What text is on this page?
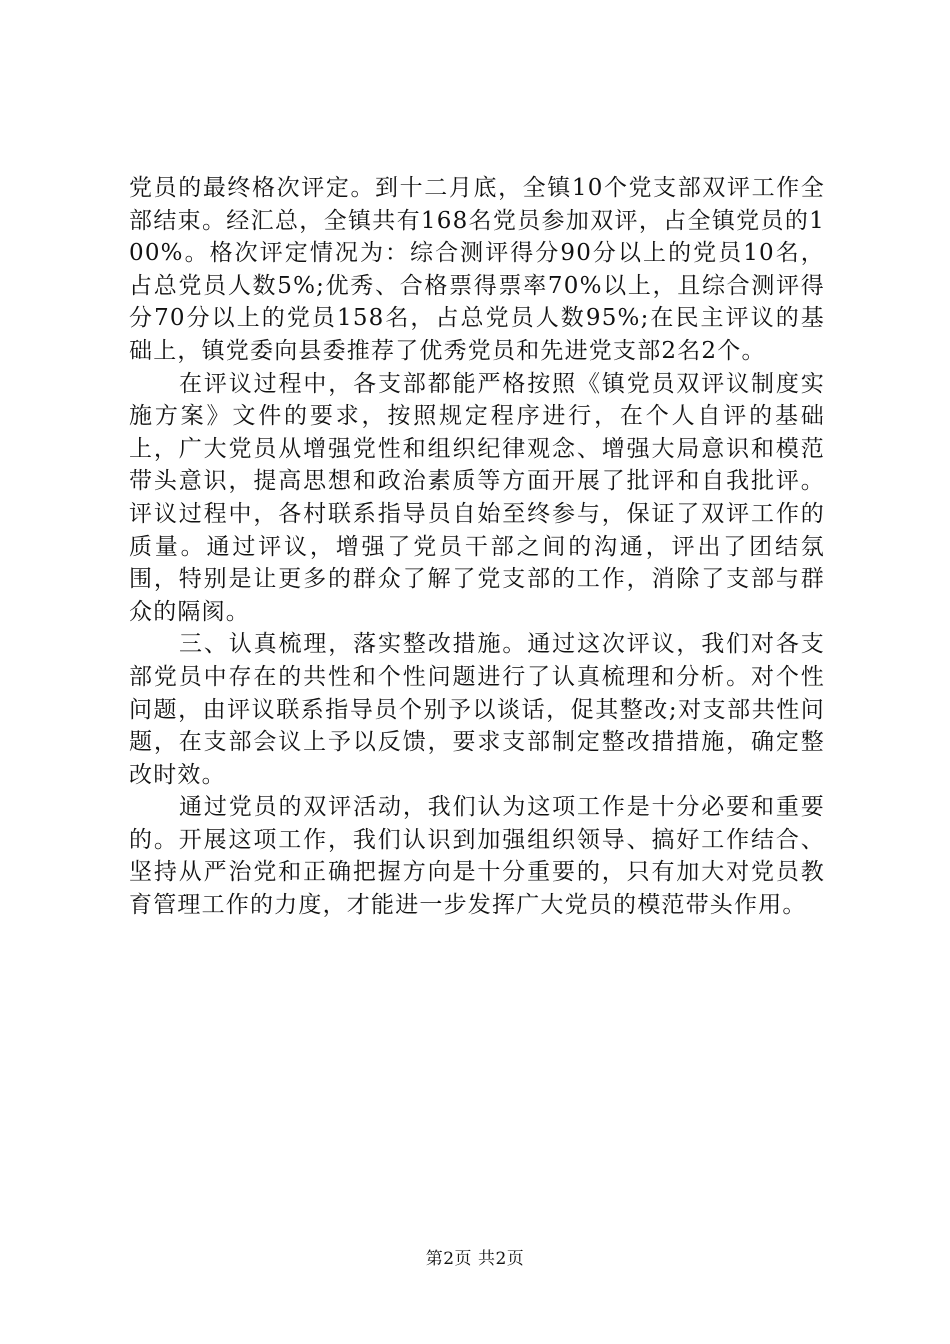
党员的最终格次评定。到十二月底，全镇10个党支部双评工作全部结束。经汇总，全镇共有168名党员参加双评，占全镇党员的100%。格次评定情况为：综合测评得分90分以上的党员10名，占总党员人数5%;优秀、合格票得票率70%以上，且综合测评得分70分以上的党员158名，占总党员人数95%;在民主评议的基础上，镇党委向县委推荐了优秀党员和先进党支部2名2个。

在评议过程中，各支部都能严格按照《镇党员双评议制度实施方案》文件的要求，按照规定程序进行，在个人自评的基础上，广大党员从增强党性和组织纪律观念、增强大局意识和模范带头意识，提高思想和政治素质等方面开展了批评和自我批评。评议过程中，各村联系指导员自始至终参与，保证了双评工作的质量。通过评议，增强了党员干部之间的沟通，评出了团结氛围，特别是让更多的群众了解了党支部的工作，消除了支部与群众的隔阂。

三、认真梳理，落实整改措施。通过这次评议，我们对各支部党员中存在的共性和个性问题进行了认真梳理和分析。对个性问题，由评议联系指导员个别予以谈话，促其整改;对支部共性问题，在支部会议上予以反馈，要求支部制定整改措措施，确定整改时效。

通过党员的双评活动，我们认为这项工作是十分必要和重要的。开展这项工作，我们认识到加强组织领导、搞好工作结合、坚持从严治党和正确把握方向是十分重要的，只有加大对党员教育管理工作的力度，才能进一步发挥广大党员的模范带头作用。

第2页 共2页
